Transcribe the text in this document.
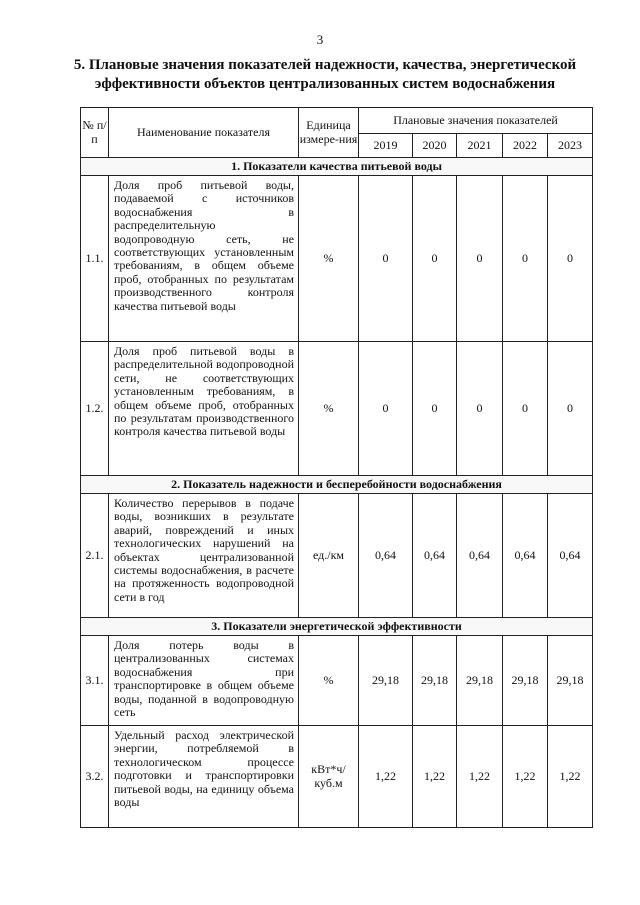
3
5. Плановые значения показателей надежности, качества, энергетической эффективности объектов централизованных систем водоснабжения
№ п/п	Наименование показателя	Единица измере-ния	Плановые значения показателей				
			2019	2020	2021	2022	2023
1. Показатели качества питьевой воды							
1.1.	Доля проб питьевой воды, подаваемой с источников водоснабжения в распределительную водопроводную сеть, не соответствующих установленным требованиям, в общем объеме проб, отобранных по результатам производственного контроля качества питьевой воды	%	0	0	0	0	0
1.2.	Доля проб питьевой воды в распределительной водопроводной сети, не соответствующих установленным требованиям, в общем объеме проб, отобранных по результатам производственного контроля качества питьевой воды	%	0	0	0	0	0
2. Показатель надежности и бесперебойности водоснабжения							
2.1.	Количество перерывов в подаче воды, возникших в результате аварий, повреждений и иных технологических нарушений на объектах централизованной системы водоснабжения, в расчете на протяженность водопроводной сети в год	ед./км	0,64	0,64	0,64	0,64	0,64
3. Показатели энергетической эффективности							
3.1.	Доля потерь воды в централизованных системах водоснабжения при транспортировке в общем объеме воды, поданной в водопроводную сеть	%	29,18	29,18	29,18	29,18	29,18
3.2.	Удельный расход электрической энергии, потребляемой в технологическом процессе подготовки и транспортировки питьевой воды, на единицу объема воды	кВт*ч/ куб.м	1,22	1,22	1,22	1,22	1,22
